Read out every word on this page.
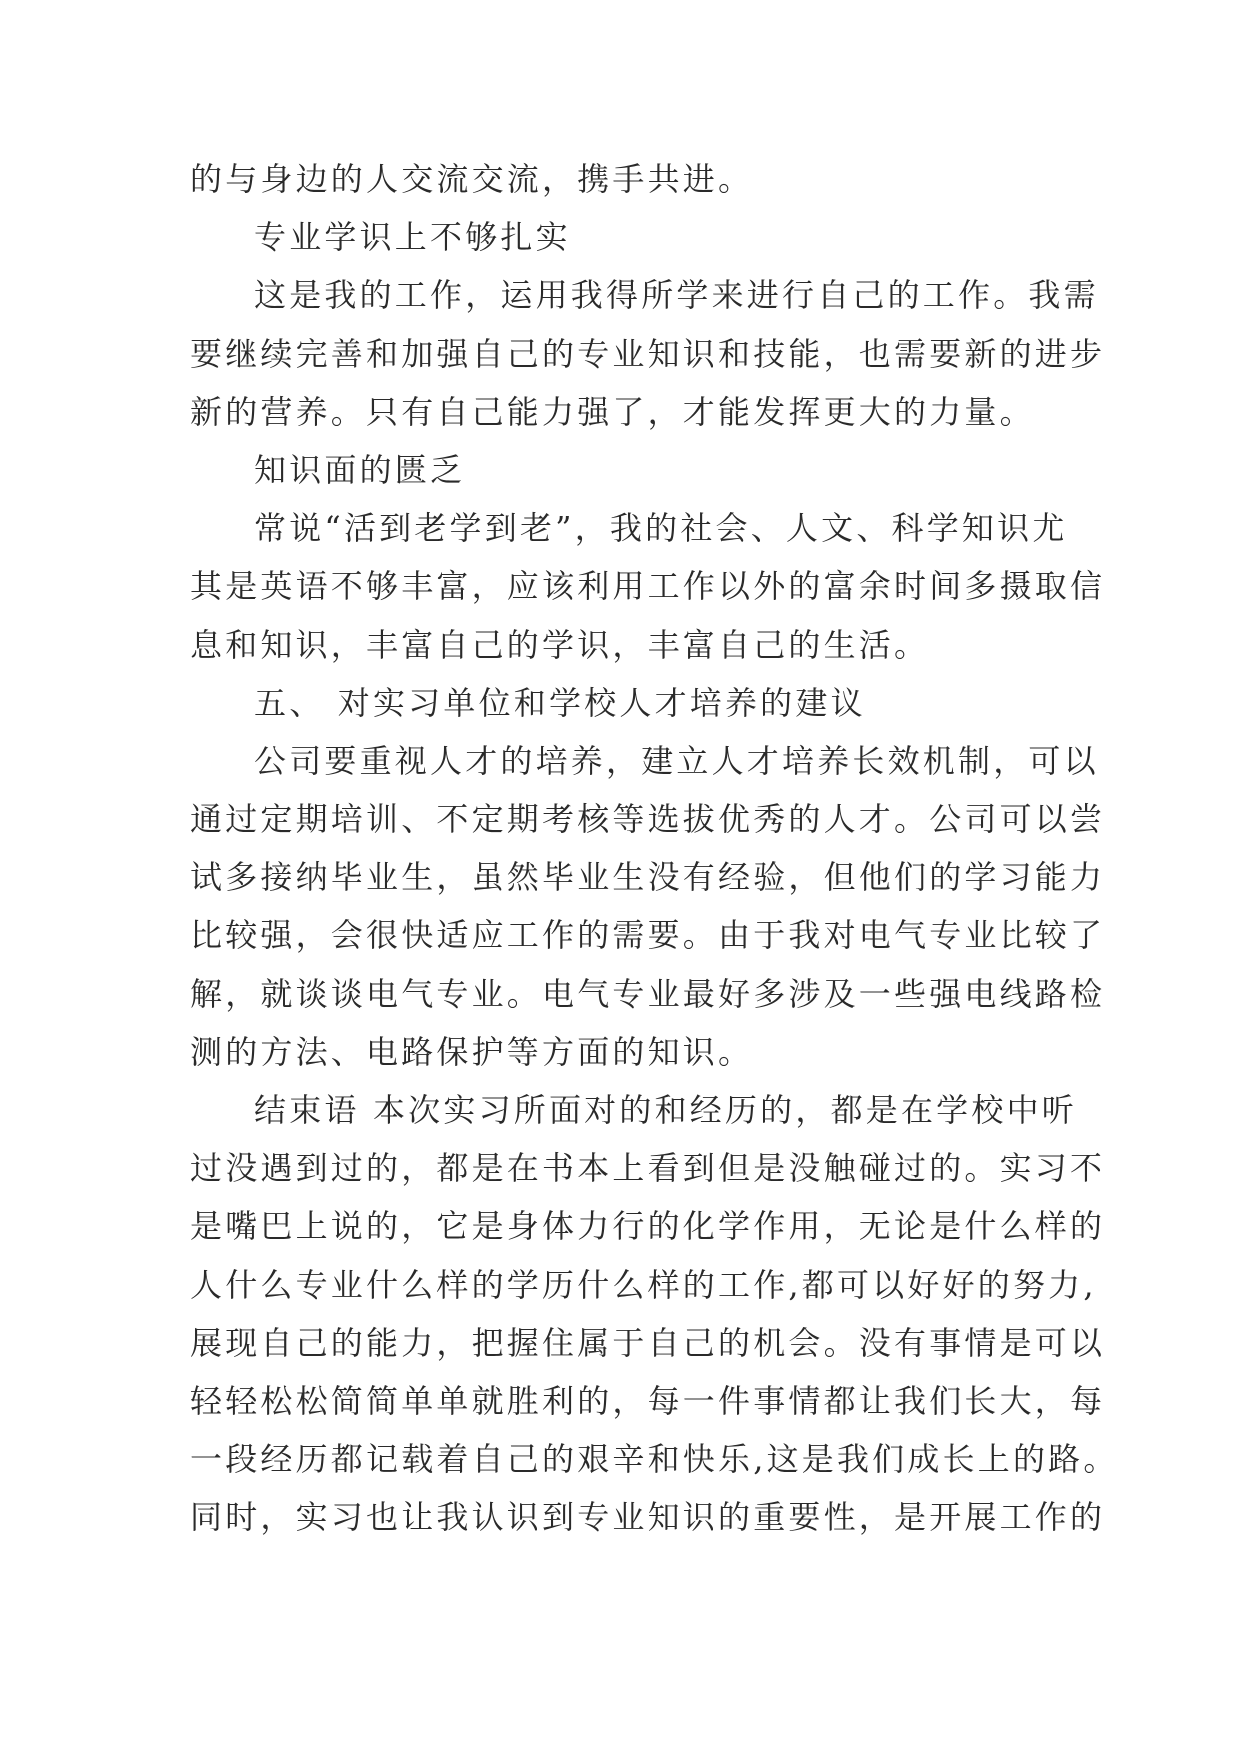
的与身边的人交流交流，携手共进。
专业学识上不够扎实
这是我的工作，运用我得所学来进行自己的工作。我需
要继续完善和加强自己的专业知识和技能，也需要新的进步
新的营养。只有自己能力强了，才能发挥更大的力量。
知识面的匮乏
常说“活到老学到老”，我的社会、人文、科学知识尤
其是英语不够丰富，应该利用工作以外的富余时间多摄取信
息和知识，丰富自己的学识，丰富自己的生活。
五、 对实习单位和学校人才培养的建议
公司要重视人才的培养，建立人才培养长效机制，可以
通过定期培训、不定期考核等选拔优秀的人才。公司可以尝
试多接纳毕业生，虽然毕业生没有经验，但他们的学习能力
比较强，会很快适应工作的需要。由于我对电气专业比较了
解，就谈谈电气专业。电气专业最好多涉及一些强电线路检
测的方法、电路保护等方面的知识。
结束语 本次实习所面对的和经历的，都是在学校中听
过没遇到过的，都是在书本上看到但是没触碰过的。实习不
是嘴巴上说的，它是身体力行的化学作用，无论是什么样的
人什么专业什么样的学历什么样的工作,都可以好好的努力,
展现自己的能力，把握住属于自己的机会。没有事情是可以
轻轻松松简简单单就胜利的，每一件事情都让我们长大，每
一段经历都记载着自己的艰辛和快乐,这是我们成长上的路。
同时，实习也让我认识到专业知识的重要性，是开展工作的
